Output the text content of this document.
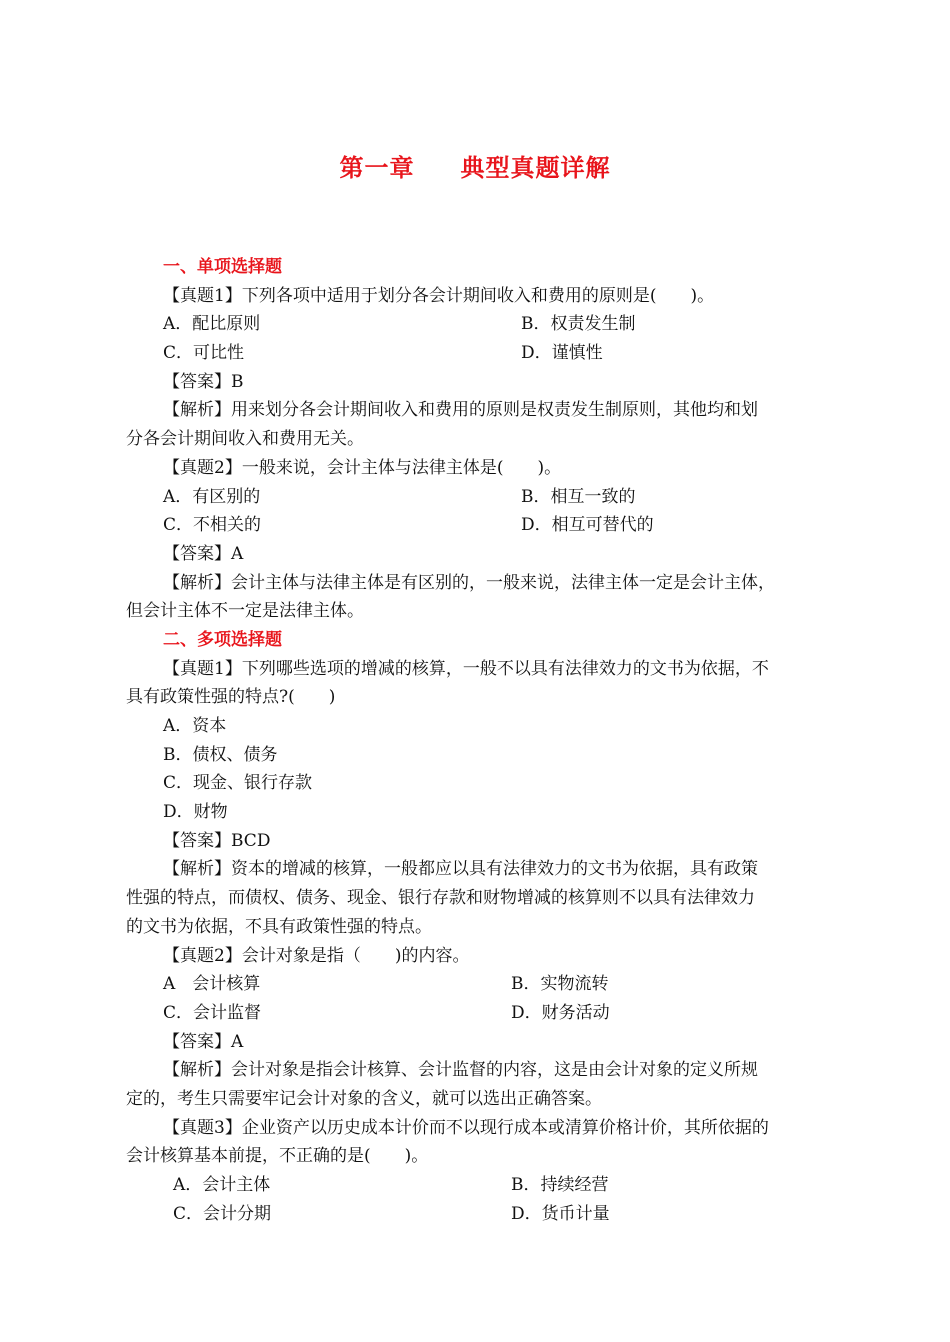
第一章 典型真题详解
一、单项选择题
【真题1】下列各项中适用于划分各会计期间收入和费用的原则是(　　)。
A．配比原则	B．权责发生制
C．可比性	D．谨慎性
【答案】B
【解析】用来划分各会计期间收入和费用的原则是权责发生制原则，其他均和划
分各会计期间收入和费用无关。
【真题2】一般来说，会计主体与法律主体是(　　)。
A．有区别的	B．相互一致的
C．不相关的	D．相互可替代的
【答案】A
【解析】会计主体与法律主体是有区别的，一般来说，法律主体一定是会计主体，
但会计主体不一定是法律主体。
二、多项选择题
【真题1】下列哪些选项的增减的核算，一般不以具有法律效力的文书为依据，不
具有政策性强的特点?(　　)
A．资本
B．债权、债务
C．现金、银行存款
D．财物
【答案】BCD
【解析】资本的增减的核算，一般都应以具有法律效力的文书为依据，具有政策
性强的特点，而债权、债务、现金、银行存款和财物增减的核算则不以具有法律效力
的文书为依据，不具有政策性强的特点。
【真题2】会计对象是指（　　)的内容。
A　会计核算	B．实物流转
C．会计监督	D．财务活动
【答案】A
【解析】会计对象是指会计核算、会计监督的内容，这是由会计对象的定义所规
定的，考生只需要牢记会计对象的含义，就可以选出正确答案。
【真题3】企业资产以历史成本计价而不以现行成本或清算价格计价，其所依据的
会计核算基本前提，不正确的是(　　)。
A．会计主体	B．持续经营
C．会计分期	D．货币计量
